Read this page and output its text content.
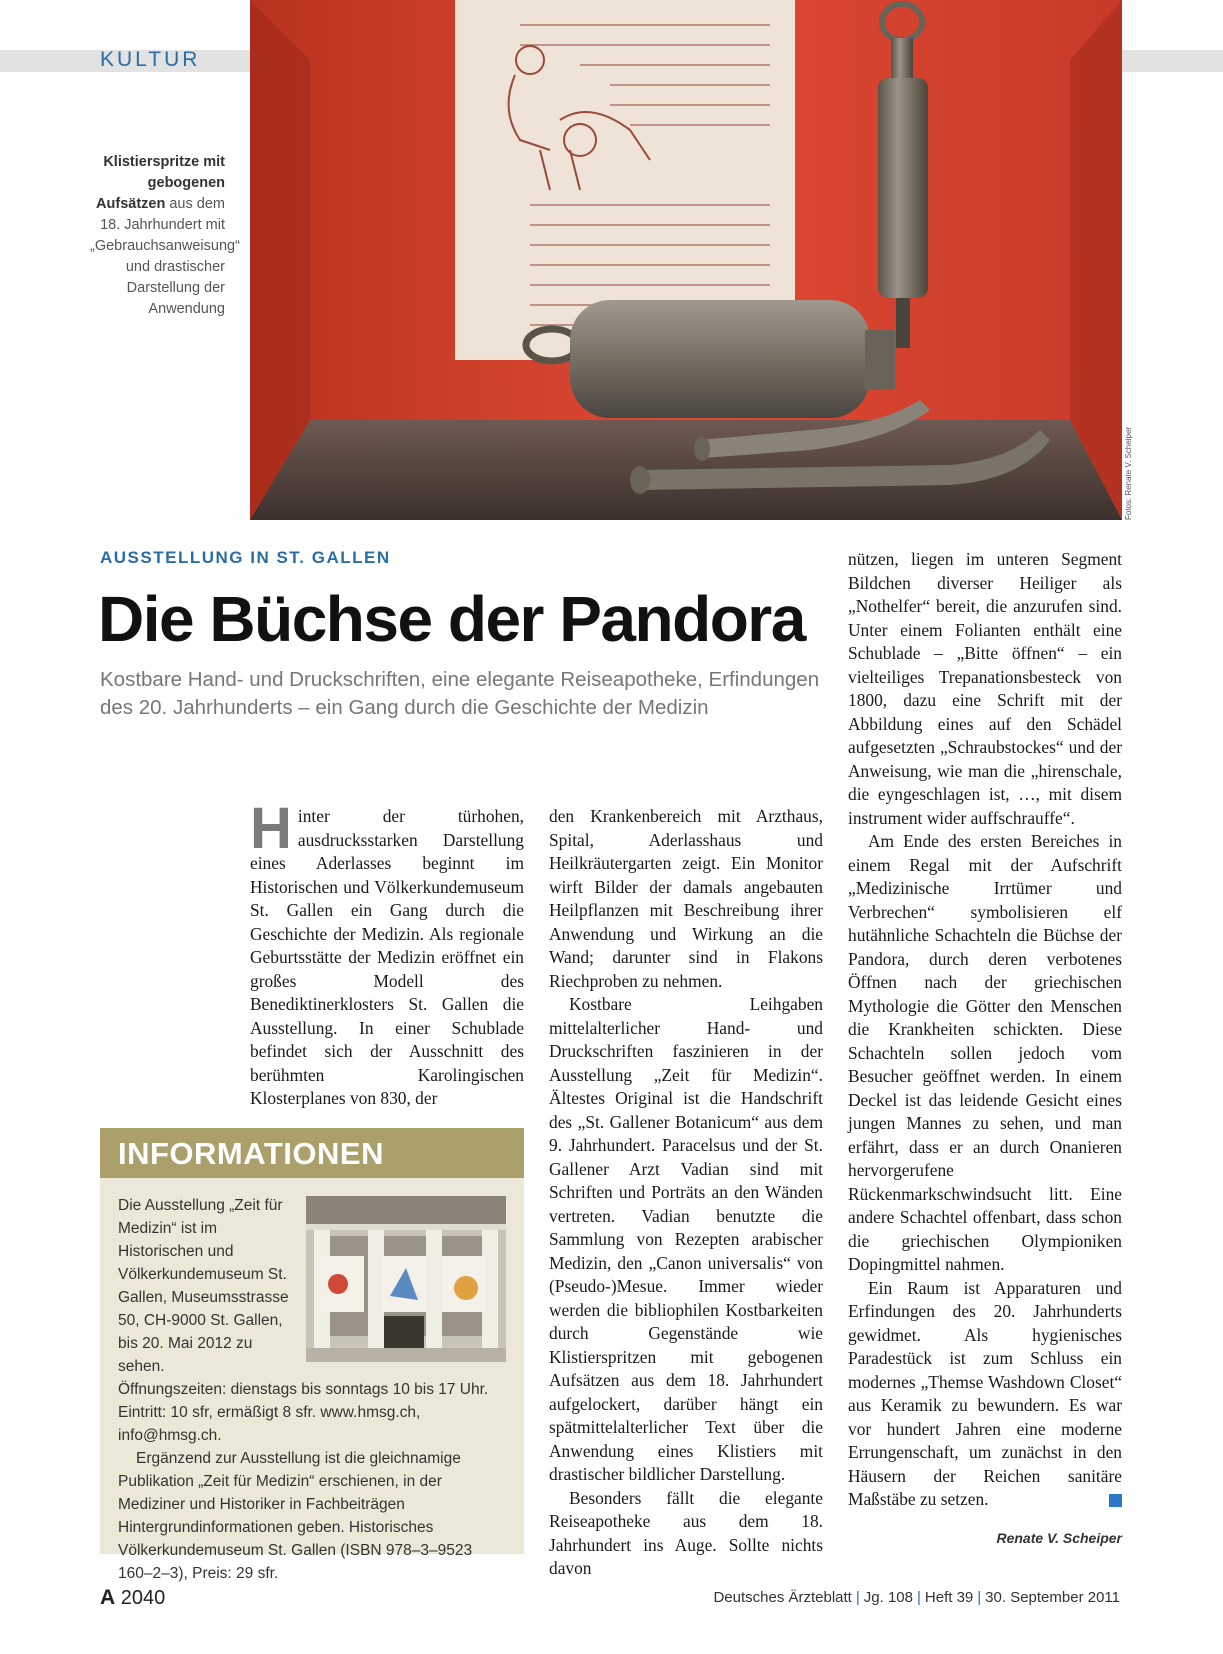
KULTUR
Fotos: Renate V. Scheiper
Klistierspritze mit gebogenen Aufsätzen aus dem 18. Jahrhundert mit „Gebrauchsanweisung“ und drastischer Darstellung der Anwendung
AUSSTELLUNG IN ST. GALLEN
Die Büchse der Pandora
Kostbare Hand- und Druckschriften, eine elegante Reiseapotheke, Erfindungen des 20. Jahrhunderts – ein Gang durch die Geschichte der Medizin

Hinter der türhohen, ausdrucksstarken Darstellung eines Aderlasses beginnt im Historischen und Völkerkundemuseum St. Gallen ein Gang durch die Geschichte der Medizin. Als regionale Geburtsstätte der Medizin eröffnet ein großes Modell des Benediktinerklosters St. Gallen die Ausstellung. In einer Schublade befindet sich der Ausschnitt des berühmten Karolingischen Klosterplanes von 830, der

den Krankenbereich mit Arzthaus, Spital, Aderlasshaus und Heilkräutergarten zeigt. Ein Monitor wirft Bilder der damals angebauten Heilpflanzen mit Beschreibung ihrer Anwendung und Wirkung an die Wand; darunter sind in Flakons Riechproben zu nehmen.

Kostbare Leihgaben mittelalterlicher Hand- und Druckschriften faszinieren in der Ausstellung „Zeit für Medizin“. Ältestes Original ist die Handschrift des „St. Gallener Botanicum“ aus dem 9. Jahrhundert. Paracelsus und der St. Gallener Arzt Vadian sind mit Schriften und Porträts an den Wänden vertreten. Vadian benutzte die Sammlung von Rezepten arabischer Medizin, den „Canon universalis“ von (Pseudo-)Mesue. Immer wieder werden die bibliophilen Kostbarkeiten durch Gegenstände wie Klistierspritzen mit gebogenen Aufsätzen aus dem 18. Jahrhundert aufgelockert, darüber hängt ein spätmittelalterlicher Text über die Anwendung eines Klistiers mit drastischer bildlicher Darstellung.

Besonders fällt die elegante Reiseapotheke aus dem 18. Jahrhundert ins Auge. Sollte nichts davon

nützen, liegen im unteren Segment Bildchen diverser Heiliger als „Nothelfer“ bereit, die anzurufen sind. Unter einem Folianten enthält eine Schublade – „Bitte öffnen“ – ein vielteiliges Trepanationsbesteck von 1800, dazu eine Schrift mit der Abbildung eines auf den Schädel aufgesetzten „Schraubstockes“ und der Anweisung, wie man die „hirenschale, die eyngeschlagen ist, …, mit disem instrument wider auffschrauffe“.

Am Ende des ersten Bereiches in einem Regal mit der Aufschrift „Medizinische Irrtümer und Verbrechen“ symbolisieren elf hutähnliche Schachteln die Büchse der Pandora, durch deren verbotenes Öffnen nach der griechischen Mythologie die Götter den Menschen die Krankheiten schickten. Diese Schachteln sollen jedoch vom Besucher geöffnet werden. In einem Deckel ist das leidende Gesicht eines jungen Mannes zu sehen, und man erfährt, dass er an durch Onanieren hervorgerufene Rückenmarkschwindsucht litt. Eine andere Schachtel offenbart, dass schon die griechischen Olympioniken Dopingmittel nahmen.

Ein Raum ist Apparaturen und Erfindungen des 20. Jahrhunderts gewidmet. Als hygienisches Paradestück ist zum Schluss ein modernes „Themse Washdown Closet“ aus Keramik zu bewundern. Es war vor hundert Jahren eine moderne Errungenschaft, um zunächst in den Häusern der Reichen sanitäre Maßstäbe zu setzen.

Renate V. Scheiper
INFORMATIONEN
Die Ausstellung „Zeit für Medizin“ ist im Historischen und Völkerkundemuseum St. Gallen, Museumsstrasse 50, CH-9000 St. Gallen, bis 20. Mai 2012 zu sehen.

Öffnungszeiten: dienstags bis sonntags 10 bis 17 Uhr. Eintritt: 10 sfr, ermäßigt 8 sfr. www.hmsg.ch, info@hmsg.ch.

Ergänzend zur Ausstellung ist die gleichnamige Publikation „Zeit für Medizin“ erschienen, in der Mediziner und Historiker in Fachbeiträgen Hintergrundinformationen geben. Historisches Völkerkundemuseum St. Gallen (ISBN 978–3–9523 160–2–3), Preis: 29 sfr.

A 2040	Deutsches Ärzteblatt | Jg. 108 | Heft 39 | 30. September 2011
